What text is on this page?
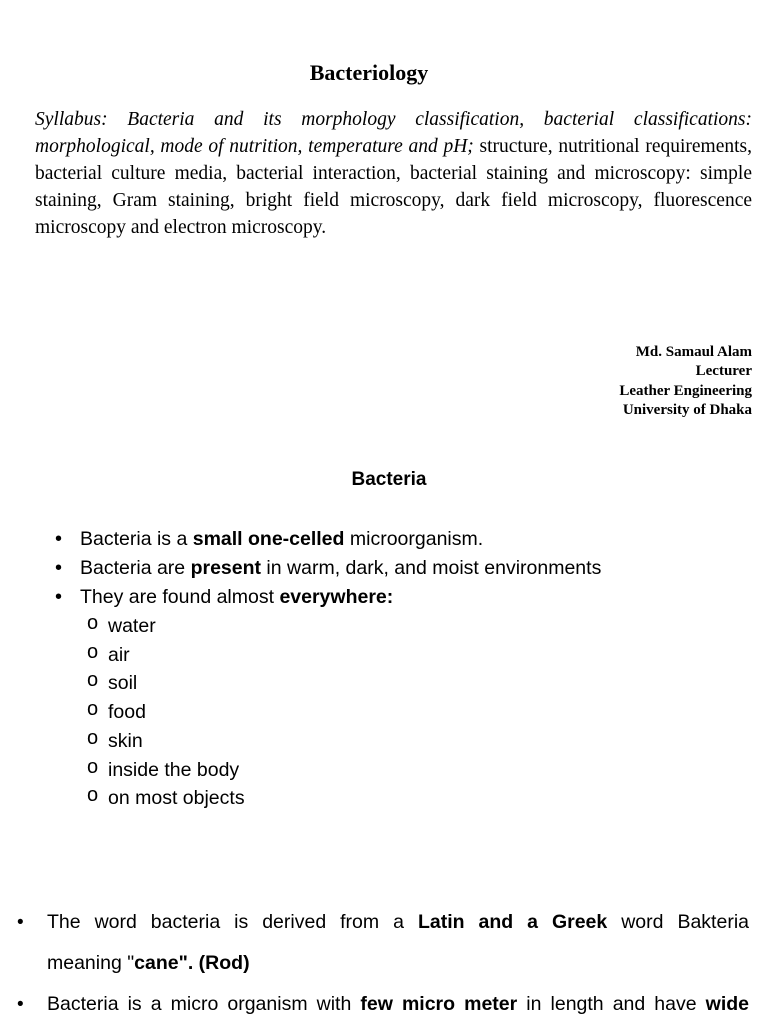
Bacteriology

Syllabus: Bacteria and its morphology classification, bacterial classifications: morphological, mode of nutrition, temperature and pH; structure, nutritional requirements, bacterial culture media, bacterial interaction, bacterial staining and microscopy: simple staining, Gram staining, bright field microscopy, dark field microscopy, fluorescence microscopy and electron microscopy.

Md. Samaul Alam
Lecturer
Leather Engineering
University of Dhaka
Bacteria
• Bacteria is a small one-celled microorganism.
• Bacteria are present in warm, dark, and moist environments
• They are found almost everywhere:
o water
o air
o soil
o food
o skin
o inside the body
o on most objects
• The word bacteria is derived from a Latin and a Greek word Bakteria
meaning "cane". (Rod)
• Bacteria is a micro organism with few micro meter in length and have wide
